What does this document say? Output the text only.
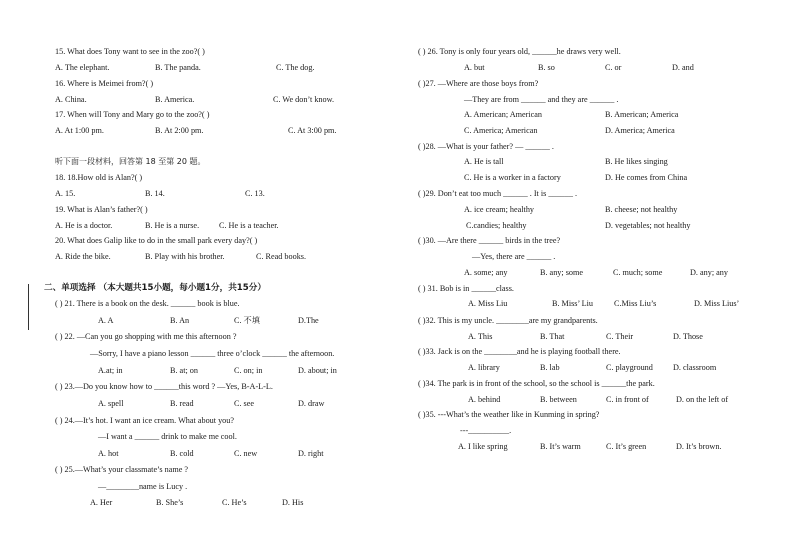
15. What does Tony want to see in the zoo?( )
A. The elephant.	B. The panda.	C. The dog.
16. Where is Meimei from?( )
A. China.	B. America.	C. We don’t know.
17. When will Tony and Mary go to the zoo?( )
A. At 1:00 pm.	B. At 2:00 pm.	C. At 3:00 pm.
听下面一段材料，回答第 18 至第 20 题。
18. 18.How old is Alan?( )
A. 15.	B. 14.	C. 13.
19. What is Alan’s father?( )
A. He is a doctor.	B. He is a nurse. C. He is a teacher.
20. What does Galip like to do in the small park every day?( )
A. Ride the bike.	B. Play with his brother.	C. Read books.
二、单项选择 （本大题共15小题，每小题1分，共15分）
( ) 21. There is a book on the desk. ______ book is blue.
A. A	B. An	C. 不填	D.The
( ) 22. —Can you go shopping with me this afternoon ?
—Sorry, I have a piano lesson ______ three o’clock ______ the afternoon.
A.at; in	B. at; on	C. on; in	D. about; in
( ) 23.—Do you know how to ______this word ? —Yes, B-A-L-L.
A. spell	B. read	C. see	D. draw
( ) 24.—It’s hot. I want an ice cream. What about you?
—I want a ______ drink to make me cool.
A. hot	B. cold	C. new	D. right
( ) 25.—What’s your classmate’s name ?
—________name is Lucy .
A. Her	B. She’s	C. He’s	D. His
( ) 26. Tony is only four years old, ______he draws very well.
A. but	B. so	C. or	D. and
( )27. —Where are those boys from?
—They are from ______ and they are ______ .
A. American; American	B. American; America
C. America; American	D. America; America
( )28. —What is your father? — ______ .
A. He is tall	B. He likes singing
C. He is a worker in a factory	D. He comes from China
( )29. Don’t eat too much ______ . It is ______ .
A. ice cream; healthy	B. cheese; not healthy
C.candies; healthy	D. vegetables; not healthy
( )30. —Are there ______ birds in the tree?
—Yes, there are ______ .
A. some; any	B. any; some	C. much; some	D. any; any
( ) 31. Bob is in ______class.
A. Miss Liu	B. Miss’ Liu	C.Miss Liu’s	D. Miss Lius’
( )32. This is my uncle. ________are my grandparents.
A. This	B. That	C. Their	D. Those
( )33. Jack is on the ________and he is playing football there.
A. library	B. lab	C. playground D. classroom
( )34. The park is in front of the school, so the school is ______the park.
A. behind	B. between	C. in front of	D. on the left of
( )35. ---What’s the weather like in Kunming in spring?
---__________.
A. I like spring	B. It’s warm	C. It’s green	D. It’s brown.
